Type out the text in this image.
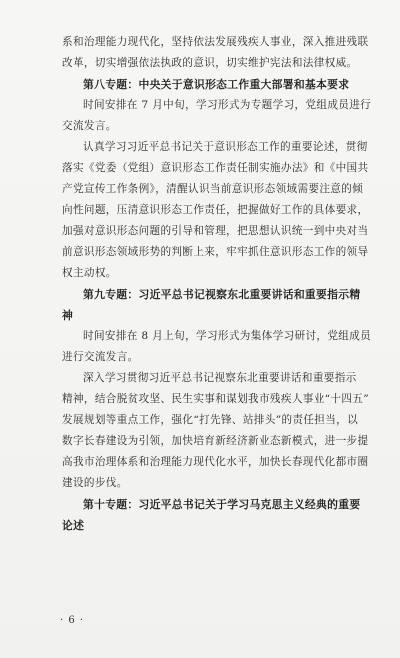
系和治理能力现代化，坚持依法发展残疾人事业，深入推进残联
改革，切实增强依法执政的意识，切实维护宪法和法律权威。

第八专题：中央关于意识形态工作重大部署和基本要求

时间安排在 7 月中旬，学习形式为专题学习，党组成员进行
交流发言。

认真学习习近平总书记关于意识形态工作的重要论述，贯彻
落实《党委（党组）意识形态工作责任制实施办法》和《中国共
产党宣传工作条例》，清醒认识当前意识形态领域需要注意的倾
向性问题，压清意识形态工作责任，把握做好工作的具体要求，
加强对意识形态问题的引导和管理，把思想认识统一到中央对当
前意识形态领域形势的判断上来，牢牢抓住意识形态工作的领导
权主动权。

第九专题：习近平总书记视察东北重要讲话和重要指示精
神

时间安排在 8 月上旬，学习形式为集体学习研讨，党组成员
进行交流发言。

深入学习贯彻习近平总书记视察东北重要讲话和重要指示
精神，结合脱贫攻坚、民生实事和谋划我市残疾人事业“十四五”
发展规划等重点工作，强化“打先锋、站排头”的责任担当，以
数字长春建设为引领，加快培育新经济新业态新模式，进一步提
高我市治理体系和治理能力现代化水平，加快长春现代化都市圈
建设的步伐。

第十专题：习近平总书记关于学习马克思主义经典的重要
论述

· 6 ·
